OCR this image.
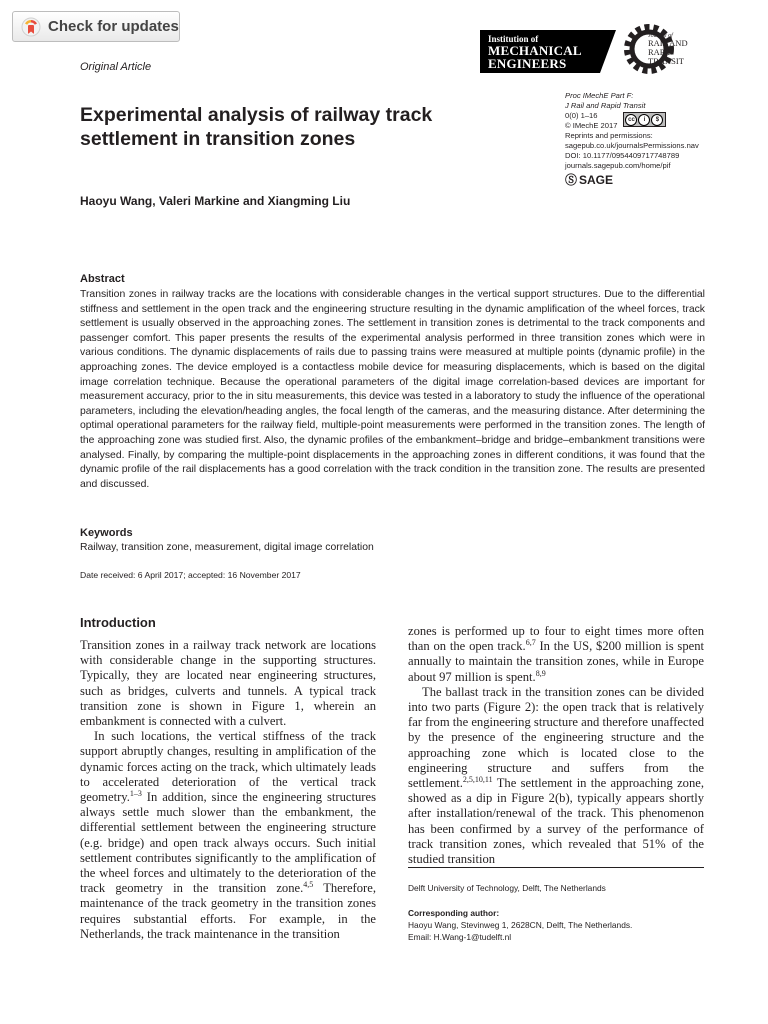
Check for updates
Original Article
Institution of
MECHANICAL
ENGINEERS
Journal of
RAIL AND
RAPID TRANSIT
Experimental analysis of railway track settlement in transition zones
Proc IMechE Part F:
J Rail and Rapid Transit
0(0) 1–16
© IMechE 2017
cc	i	$
Reprints and permissions:
sagepub.co.uk/journalsPermissions.nav
DOI: 10.1177/0954409717748789
journals.sagepub.com/home/pif
Ⓢ SAGE
Haoyu Wang, Valeri Markine and Xiangming Liu
Abstract
Transition zones in railway tracks are the locations with considerable changes in the vertical support structures. Due to the differential stiffness and settlement in the open track and the engineering structure resulting in the dynamic amplification of the wheel forces, track settlement is usually observed in the approaching zones. The settlement in transition zones is detrimental to the track components and passenger comfort. This paper presents the results of the experimental analysis performed in three transition zones which were in various conditions. The dynamic displacements of rails due to passing trains were measured at multiple points (dynamic profile) in the approaching zones. The device employed is a contactless mobile device for measuring displacements, which is based on the digital image correlation technique. Because the operational parameters of the digital image correlation-based devices are important for measurement accuracy, prior to the in situ measurements, this device was tested in a laboratory to study the influence of the operational parameters, including the elevation/heading angles, the focal length of the cameras, and the measuring distance. After determining the optimal operational parameters for the railway field, multiple-point measurements were performed in the transition zones. The length of the approaching zone was studied first. Also, the dynamic profiles of the embankment–bridge and bridge–embankment transitions were analysed. Finally, by comparing the multiple-point displacements in the approaching zones in different conditions, it was found that the dynamic profile of the rail displacements has a good correlation with the track condition in the transition zone. The results are presented and discussed.
Keywords
Railway, transition zone, measurement, digital image correlation
Date received: 6 April 2017; accepted: 16 November 2017
Introduction

Transition zones in a railway track network are locations with considerable change in the supporting structures. Typically, they are located near engineering structures, such as bridges, culverts and tunnels. A typical track transition zone is shown in Figure 1, wherein an embankment is connected with a culvert.

In such locations, the vertical stiffness of the track support abruptly changes, resulting in amplification of the dynamic forces acting on the track, which ultimately leads to accelerated deterioration of the vertical track geometry.$^{1-3}$ In addition, since the engineering structures always settle much slower than the embankment, the differential settlement between the engineering structure (e.g. bridge) and open track always occurs. Such initial settlement contributes significantly to the amplification of the wheel forces and ultimately to the deterioration of the track geometry in the transition zone.$^{4,5}$ Therefore, maintenance of the track geometry in the transition zones requires substantial efforts. For example, in the Netherlands, the track maintenance in the transition

zones is performed up to four to eight times more often than on the open track.$^{6,7}$ In the US, $200 million is spent annually to maintain the transition zones, while in Europe about 97 million is spent.$^{8,9}$

The ballast track in the transition zones can be divided into two parts (Figure 2): the open track that is relatively far from the engineering structure and therefore unaffected by the presence of the engineering structure and the approaching zone which is located close to the engineering structure and suffers from the settlement.$^{2,5,10,11}$ The settlement in the approaching zone, showed as a dip in Figure 2(b), typically appears shortly after installation/renewal of the track. This phenomenon has been confirmed by a survey of the performance of track transition zones, which revealed that 51% of the studied transition

Delft University of Technology, Delft, The Netherlands
Corresponding author:
Haoyu Wang, Stevinweg 1, 2628CN, Delft, The Netherlands.
Email: H.Wang-1@tudelft.nl
